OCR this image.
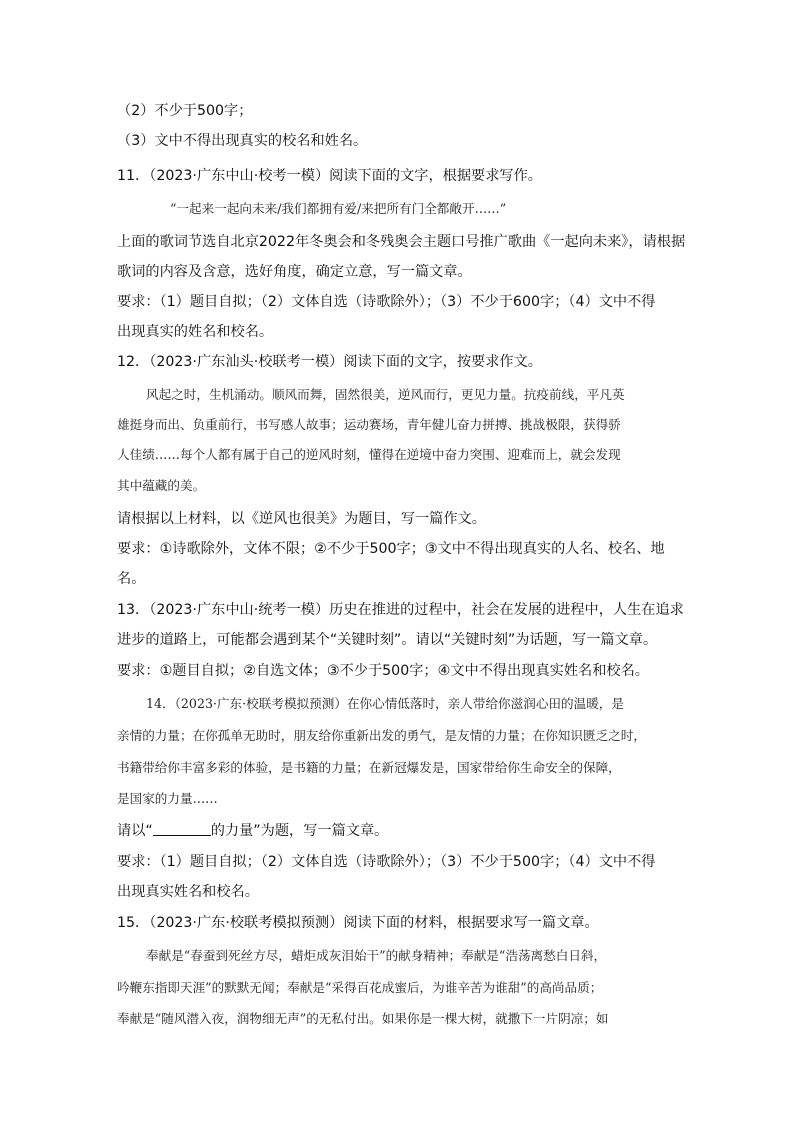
（2）不少于500字；
（3）文中不得出现真实的校名和姓名。
11．（2023·广东中山·校考一模）阅读下面的文字，根据要求写作。
“一起来一起向未来/我们都拥有爱/来把所有门全都敞开……”
上面的歌词节选自北京2022年冬奥会和冬残奥会主题口号推广歌曲《一起向未来》，请根据
歌词的内容及含意，选好角度，确定立意，写一篇文章。
要求：（1）题目自拟；（2）文体自选（诗歌除外）；（3）不少于600字；（4）文中不得
出现真实的姓名和校名。
12．（2023·广东汕头·校联考一模）阅读下面的文字，按要求作文。
风起之时，生机涌动。顺风而舞，固然很美，逆风而行，更见力量。抗疫前线，平凡英
雄挺身而出、负重前行，书写感人故事；运动赛场，青年健儿奋力拼搏、挑战极限，获得骄
人佳绩……每个人都有属于自己的逆风时刻，懂得在逆境中奋力突围、迎难而上，就会发现
其中蕴藏的美。
请根据以上材料，以《逆风也很美》为题目，写一篇作文。
要求：①诗歌除外，文体不限；②不少于500字；③文中不得出现真实的人名、校名、地
名。
13．（2023·广东中山·统考一模）历史在推进的过程中，社会在发展的进程中，人生在追求
进步的道路上，可能都会遇到某个“关键时刻”。请以“关键时刻”为话题，写一篇文章。
要求：①题目自拟；②自选文体；③不少于500字；④文中不得出现真实姓名和校名。
14．（2023·广东·校联考模拟预测）在你心情低落时，亲人带给你滋润心田的温暖，是
亲情的力量；在你孤单无助时，朋友给你重新出发的勇气，是友情的力量；在你知识匮乏之时，
书籍带给你丰富多彩的体验，是书籍的力量；在新冠爆发是，国家带给你生命安全的保障，
是国家的力量……
请以“	的力量”为题，写一篇文章。
要求：（1）题目自拟；（2）文体自选（诗歌除外）；（3）不少于500字；（4）文中不得
出现真实姓名和校名。
15．（2023·广东·校联考模拟预测）阅读下面的材料，根据要求写一篇文章。
奉献是“春蚕到死丝方尽，蜡炬成灰泪始干”的献身精神；奉献是“浩荡离愁白日斜，
吟鞭东指即天涯”的默默无闻；奉献是“采得百花成蜜后，为谁辛苦为谁甜”的高尚品质；
奉献是“随风潜入夜，润物细无声”的无私付出。如果你是一棵大树，就撒下一片阴凉；如
